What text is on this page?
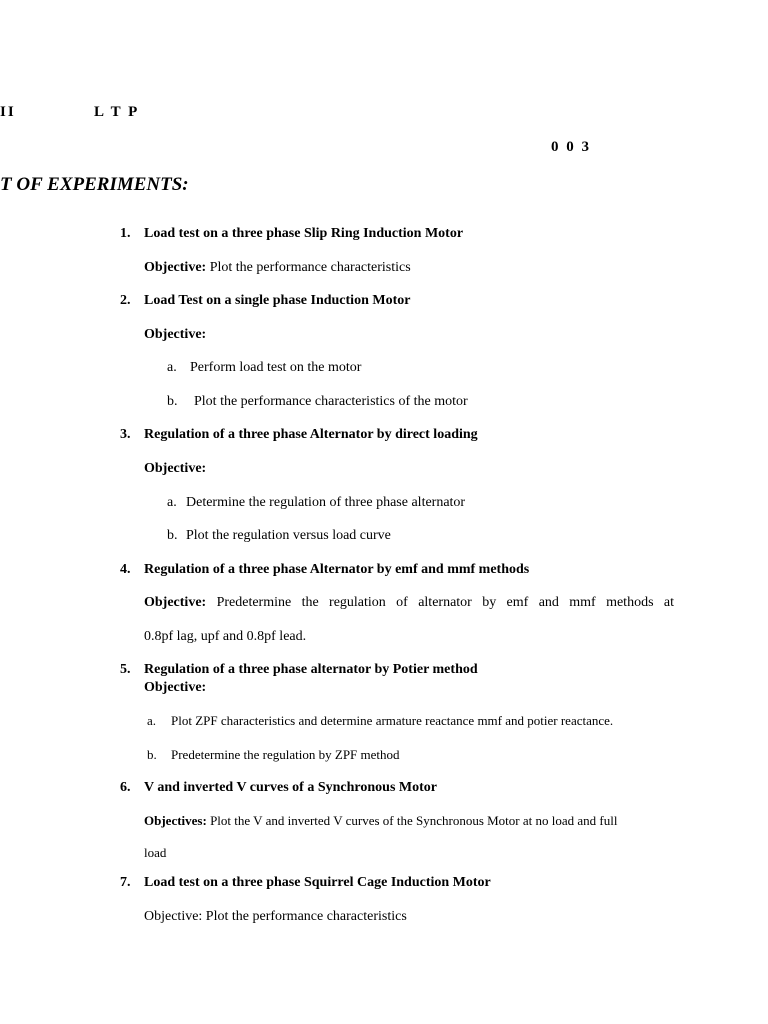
II	L T P
0 0 3
T OF EXPERIMENTS:
1. Load test on a three phase Slip Ring Induction Motor
Objective: Plot the performance characteristics
2. Load Test on a single phase Induction Motor
Objective:
a. Perform load test on the motor
b. Plot the performance characteristics of the motor
3. Regulation of a three phase Alternator by direct loading
Objective:
a. Determine the regulation of three phase alternator
b. Plot the regulation versus load curve
4. Regulation of a three phase Alternator by emf and mmf methods
Objective: Predetermine the regulation of alternator by emf and mmf methods at
0.8pf lag, upf and 0.8pf lead.
5. Regulation of a three phase alternator by Potier method
Objective:
a. Plot ZPF characteristics and determine armature reactance mmf and potier reactance.
b. Predetermine the regulation by ZPF method
6. V and inverted V curves of a Synchronous Motor
Objectives: Plot the V and inverted V curves of the Synchronous Motor at no load and full
load
7. Load test on a three phase Squirrel Cage Induction Motor
Objective: Plot the performance characteristics
